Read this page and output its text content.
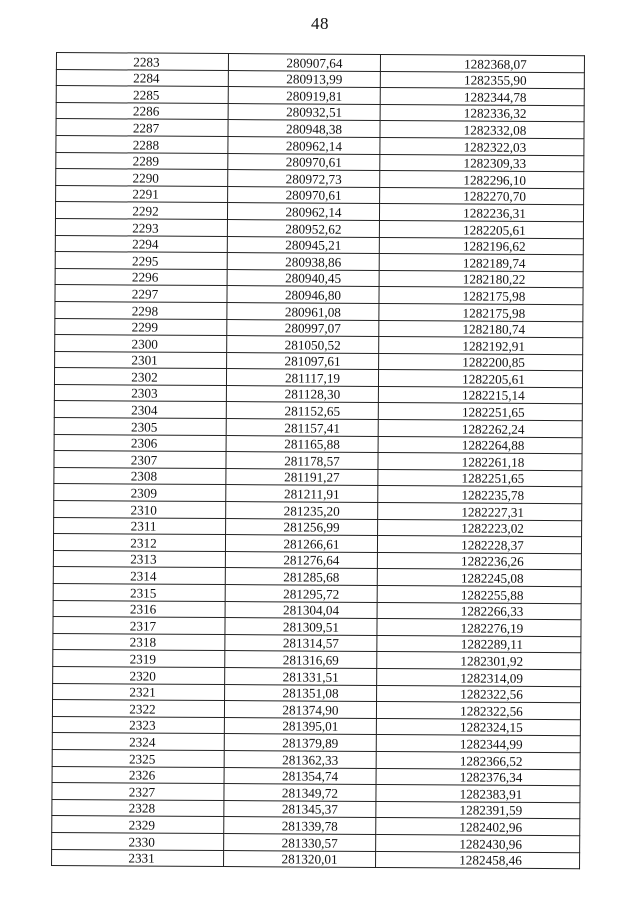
48
2283	280907,64	1282368,07
2284	280913,99	1282355,90
2285	280919,81	1282344,78
2286	280932,51	1282336,32
2287	280948,38	1282332,08
2288	280962,14	1282322,03
2289	280970,61	1282309,33
2290	280972,73	1282296,10
2291	280970,61	1282270,70
2292	280962,14	1282236,31
2293	280952,62	1282205,61
2294	280945,21	1282196,62
2295	280938,86	1282189,74
2296	280940,45	1282180,22
2297	280946,80	1282175,98
2298	280961,08	1282175,98
2299	280997,07	1282180,74
2300	281050,52	1282192,91
2301	281097,61	1282200,85
2302	281117,19	1282205,61
2303	281128,30	1282215,14
2304	281152,65	1282251,65
2305	281157,41	1282262,24
2306	281165,88	1282264,88
2307	281178,57	1282261,18
2308	281191,27	1282251,65
2309	281211,91	1282235,78
2310	281235,20	1282227,31
2311	281256,99	1282223,02
2312	281266,61	1282228,37
2313	281276,64	1282236,26
2314	281285,68	1282245,08
2315	281295,72	1282255,88
2316	281304,04	1282266,33
2317	281309,51	1282276,19
2318	281314,57	1282289,11
2319	281316,69	1282301,92
2320	281331,51	1282314,09
2321	281351,08	1282322,56
2322	281374,90	1282322,56
2323	281395,01	1282324,15
2324	281379,89	1282344,99
2325	281362,33	1282366,52
2326	281354,74	1282376,34
2327	281349,72	1282383,91
2328	281345,37	1282391,59
2329	281339,78	1282402,96
2330	281330,57	1282430,96
2331	281320,01	1282458,46
